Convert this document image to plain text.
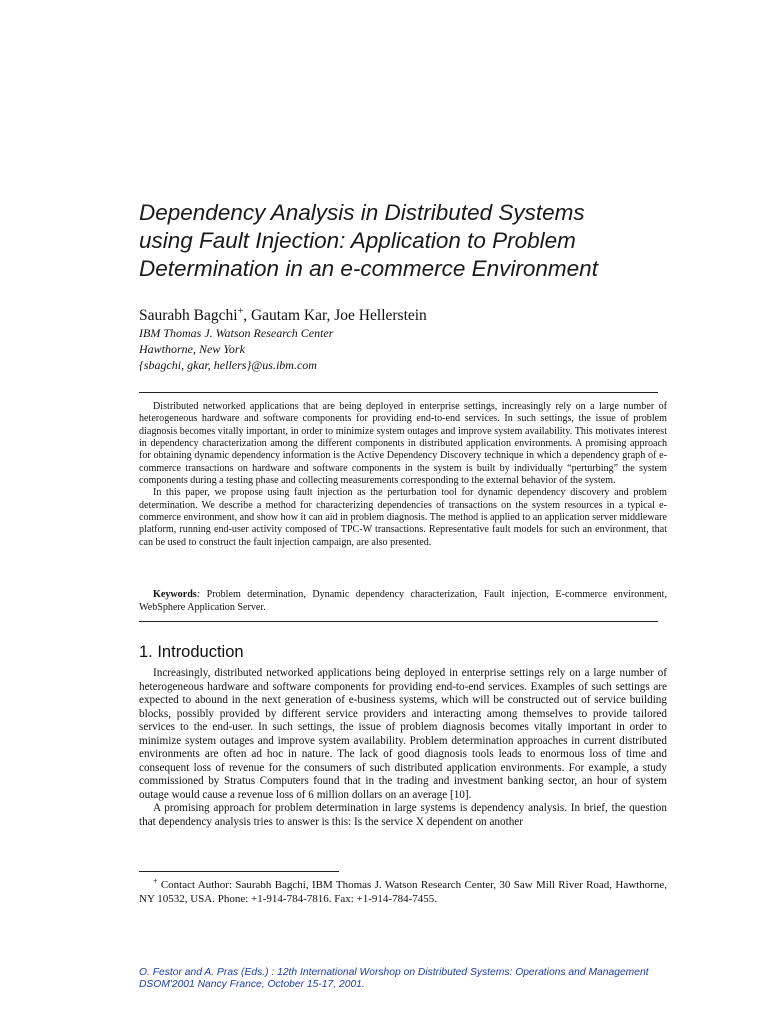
Dependency Analysis in Distributed Systems
using Fault Injection: Application to Problem
Determination in an e-commerce Environment
Saurabh Bagchi+, Gautam Kar, Joe Hellerstein
IBM Thomas J. Watson Research Center
Hawthorne, New York
{sbagchi, gkar, hellers}@us.ibm.com

Distributed networked applications that are being deployed in enterprise settings, increasingly rely on a large number of heterogeneous hardware and software components for providing end-to-end services. In such settings, the issue of problem diagnosis becomes vitally important, in order to minimize system outages and improve system availability. This motivates interest in dependency characterization among the different components in distributed application environments. A promising approach for obtaining dynamic dependency information is the Active Dependency Discovery technique in which a dependency graph of e-commerce transactions on hardware and software components in the system is built by individually “perturbing” the system components during a testing phase and collecting measurements corresponding to the external behavior of the system.

In this paper, we propose using fault injection as the perturbation tool for dynamic dependency discovery and problem determination. We describe a method for characterizing dependencies of transactions on the system resources in a typical e-commerce environment, and show how it can aid in problem diagnosis. The method is applied to an application server middleware platform, running end-user activity composed of TPC-W transactions. Representative fault models for such an environment, that can be used to construct the fault injection campaign, are also presented.

Keywords: Problem determination, Dynamic dependency characterization, Fault injection, E-commerce environment, WebSphere Application Server.

1. Introduction

Increasingly, distributed networked applications being deployed in enterprise settings rely on a large number of heterogeneous hardware and software components for providing end-to-end services. Examples of such settings are expected to abound in the next generation of e-business systems, which will be constructed out of service building blocks, possibly provided by different service providers and interacting among themselves to provide tailored services to the end-user. In such settings, the issue of problem diagnosis becomes vitally important in order to minimize system outages and improve system availability. Problem determination approaches in current distributed environments are often ad hoc in nature. The lack of good diagnosis tools leads to enormous loss of time and consequent loss of revenue for the consumers of such distributed application environments. For example, a study commissioned by Stratus Computers found that in the trading and investment banking sector, an hour of system outage would cause a revenue loss of 6 million dollars on an average [10].

A promising approach for problem determination in large systems is dependency analysis. In brief, the question that dependency analysis tries to answer is this: Is the service X dependent on another

+ Contact Author: Saurabh Bagchi, IBM Thomas J. Watson Research Center, 30 Saw Mill River Road, Hawthorne, NY 10532, USA. Phone: +1-914-784-7816. Fax: +1-914-784-7455.

O. Festor and A. Pras (Eds.) : 12th International Worshop on Distributed Systems: Operations and Management
DSOM'2001 Nancy France, October 15-17, 2001.
